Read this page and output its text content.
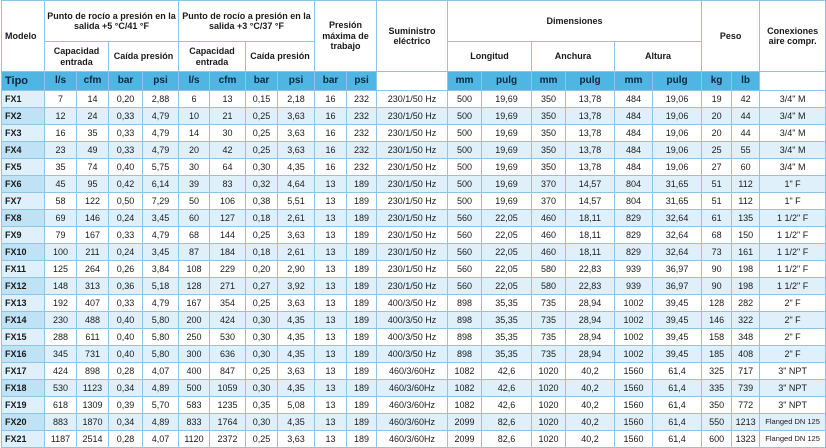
Modelo	Punto de rocío a presión en la salida +5 °C/41 °F				Punto de rocío a presión en la salida +3 °C/37 °F				Presión máxima de trabajo		Suministro eléctrico	Dimensiones						Peso		Conexiones aire compr.
					Capacidad entrada		Caída presión													
	Capacidad entrada		Caída presión									Longitud		Anchura		Altura				
Tipo	l/s	cfm	bar	psi	l/s	cfm	bar	psi	bar	psi		mm	pulg	mm	pulg	mm	pulg	kg	lb	
FX1	7	14	0,20	2,88	6	13	0,15	2,18	16	232	230/1/50 Hz	500	19,69	350	13,78	484	19,06	19	42	3/4" M
FX2	12	24	0,33	4,79	10	21	0,25	3,63	16	232	230/1/50 Hz	500	19,69	350	13,78	484	19,06	20	44	3/4" M
FX3	16	35	0,33	4,79	14	30	0,25	3,63	16	232	230/1/50 Hz	500	19,69	350	13,78	484	19,06	20	44	3/4" M
FX4	23	49	0,33	4,79	20	42	0,25	3,63	16	232	230/1/50 Hz	500	19,69	350	13,78	484	19,06	25	55	3/4" M
FX5	35	74	0,40	5,75	30	64	0,30	4,35	16	232	230/1/50 Hz	500	19,69	350	13,78	484	19,06	27	60	3/4" M
FX6	45	95	0,42	6,14	39	83	0,32	4,64	13	189	230/1/50 Hz	500	19,69	370	14,57	804	31,65	51	112	1" F
FX7	58	122	0,50	7,29	50	106	0,38	5,51	13	189	230/1/50 Hz	500	19,69	370	14,57	804	31,65	51	112	1" F
FX8	69	146	0,24	3,45	60	127	0,18	2,61	13	189	230/1/50 Hz	560	22,05	460	18,11	829	32,64	61	135	1 1/2" F
FX9	79	167	0,33	4,79	68	144	0,25	3,63	13	189	230/1/50 Hz	560	22,05	460	18,11	829	32,64	68	150	1 1/2" F
FX10	100	211	0,24	3,45	87	184	0,18	2,61	13	189	230/1/50 Hz	560	22,05	460	18,11	829	32,64	73	161	1 1/2" F
FX11	125	264	0,26	3,84	108	229	0,20	2,90	13	189	230/1/50 Hz	560	22,05	580	22,83	939	36,97	90	198	1 1/2" F
FX12	148	313	0,36	5,18	128	271	0,27	3,92	13	189	230/1/50 Hz	560	22,05	580	22,83	939	36,97	90	198	1 1/2" F
FX13	192	407	0,33	4,79	167	354	0,25	3,63	13	189	400/3/50 Hz	898	35,35	735	28,94	1002	39,45	128	282	2" F
FX14	230	488	0,40	5,80	200	424	0,30	4,35	13	189	400/3/50 Hz	898	35,35	735	28,94	1002	39,45	146	322	2" F
FX15	288	611	0,40	5,80	250	530	0,30	4,35	13	189	400/3/50 Hz	898	35,35	735	28,94	1002	39,45	158	348	2" F
FX16	345	731	0,40	5,80	300	636	0,30	4,35	13	189	400/3/50 Hz	898	35,35	735	28,94	1002	39,45	185	408	2" F
FX17	424	898	0,28	4,07	400	847	0,25	3,63	13	189	460/3/60Hz	1082	42,6	1020	40,2	1560	61,4	325	717	3" NPT
FX18	530	1123	0,34	4,89	500	1059	0,30	4,35	13	189	460/3/60Hz	1082	42,6	1020	40,2	1560	61,4	335	739	3" NPT
FX19	618	1309	0,39	5,70	583	1235	0,35	5,08	13	189	460/3/60Hz	1082	42,6	1020	40,2	1560	61,4	350	772	3" NPT
FX20	883	1870	0,34	4,89	833	1764	0,30	4,35	13	189	460/3/60Hz	2099	82,6	1020	40,2	1560	61,4	550	1213	Flanged DN 125
FX21	1187	2514	0,28	4,07	1120	2372	0,25	3,63	13	189	460/3/60Hz	2099	82,6	1020	40,2	1560	61,4	600	1323	Flanged DN 125
